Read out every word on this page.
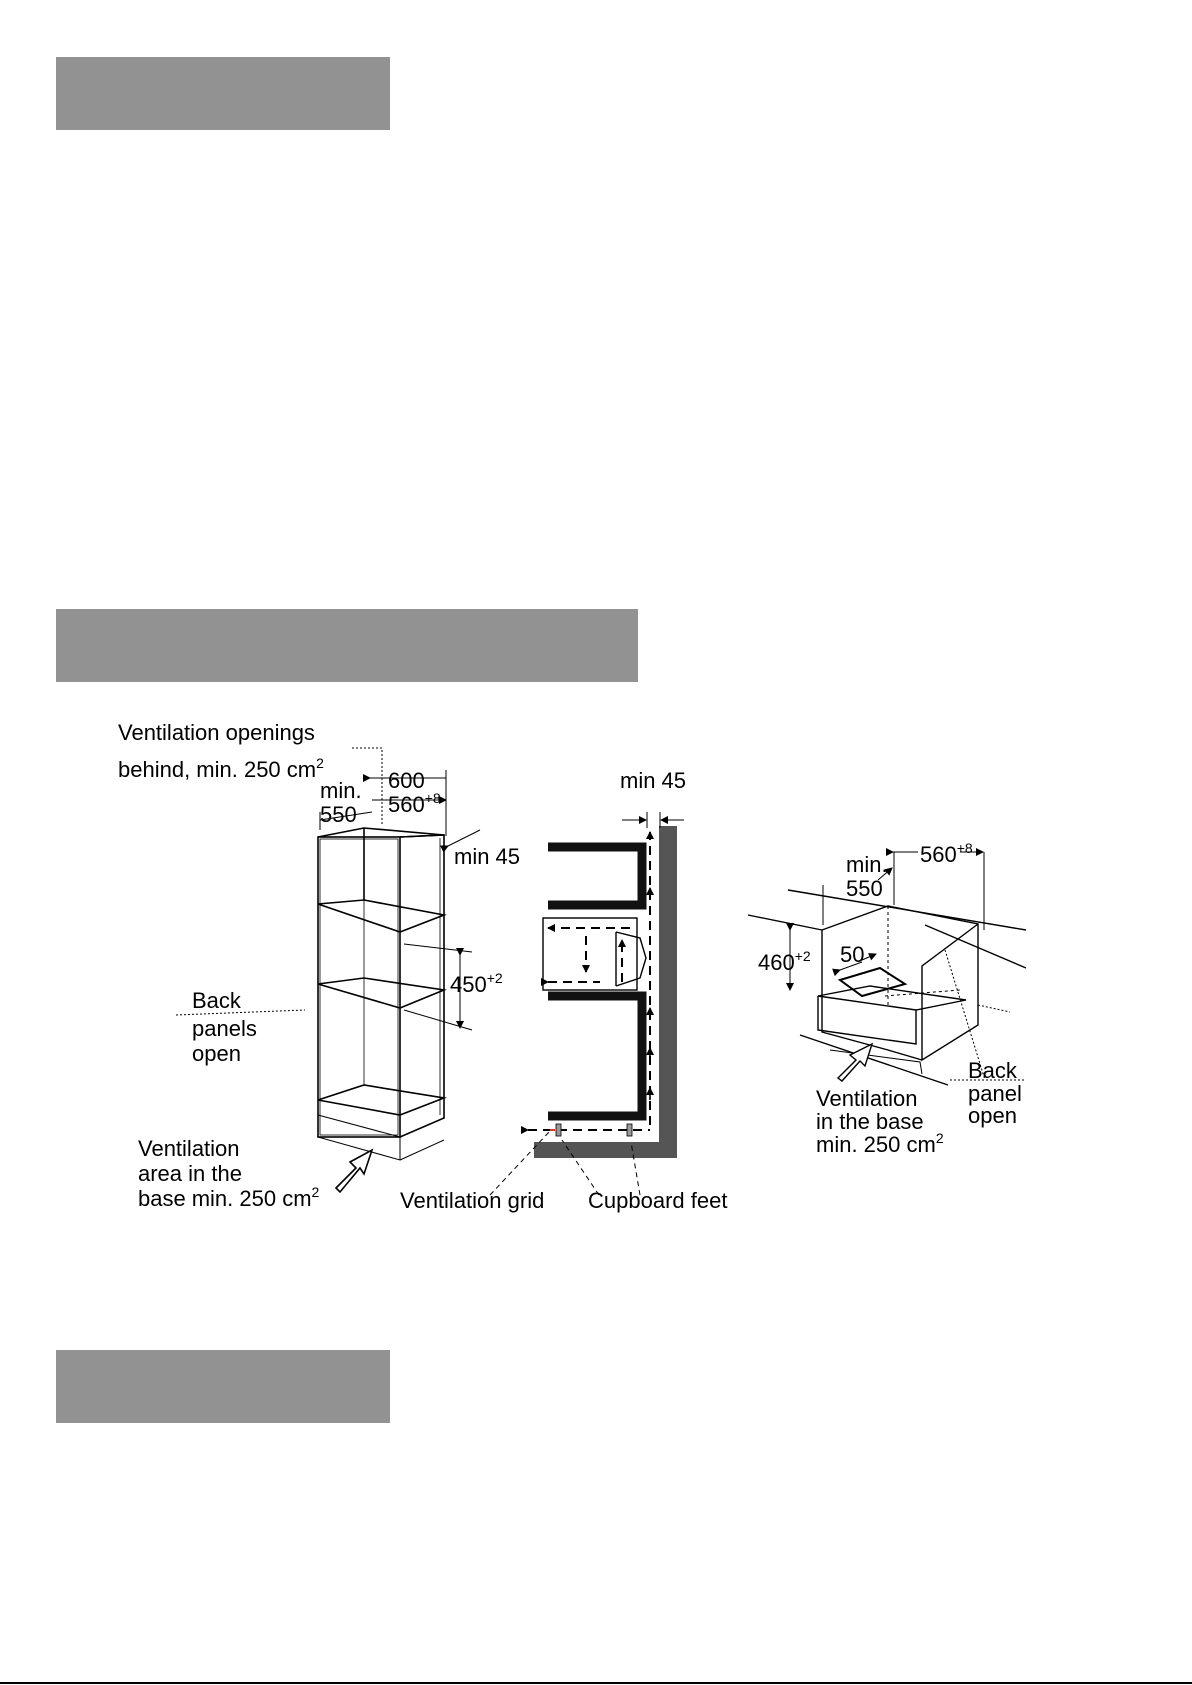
Ventilation openings
behind, min. 250 $cm^2$
min.
550
600
$560^{+8}$
min 45
$450^{+2}$
Back
panels
open
Ventilation
area in the
base min. 250 $cm^2$
min 45
Ventilation grid Cupboard feet
min.
550
$560^{+8}$
$460^{+2}$ 50
Back
panel
open
Ventilation
in the base
min. 250 $cm^2$
